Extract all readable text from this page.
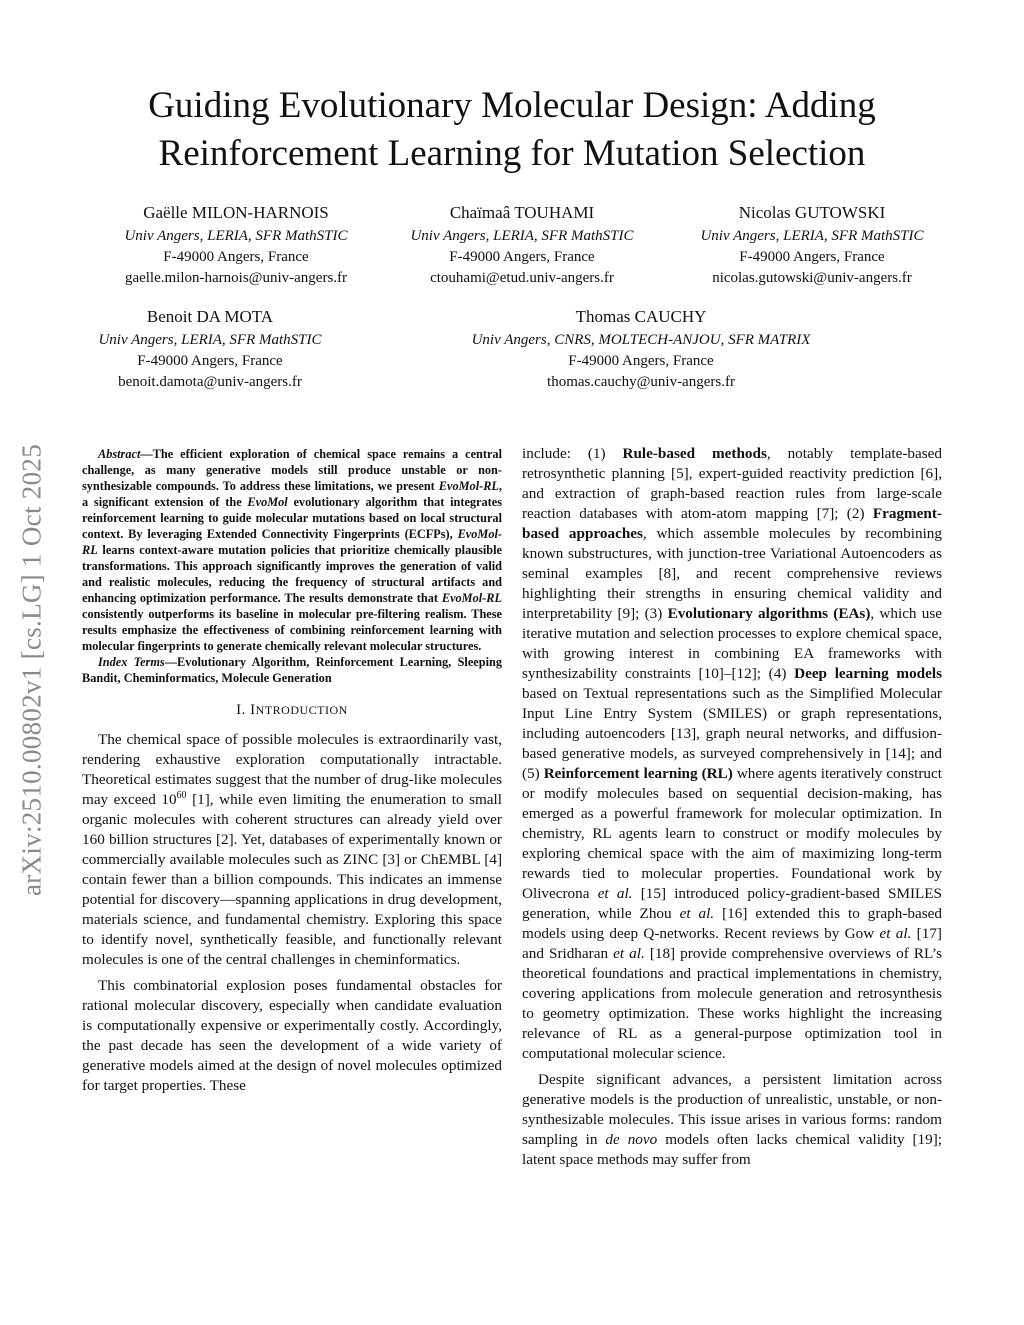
arXiv:2510.00802v1 [cs.LG] 1 Oct 2025
Guiding Evolutionary Molecular Design: Adding
Reinforcement Learning for Mutation Selection
Gaëlle MILON-HARNOIS
Univ Angers, LERIA, SFR MathSTIC
F-49000 Angers, France
gaelle.milon-harnois@univ-angers.fr
Chaïmaâ TOUHAMI
Univ Angers, LERIA, SFR MathSTIC
F-49000 Angers, France
ctouhami@etud.univ-angers.fr
Nicolas GUTOWSKI
Univ Angers, LERIA, SFR MathSTIC
F-49000 Angers, France
nicolas.gutowski@univ-angers.fr
Benoit DA MOTA
Univ Angers, LERIA, SFR MathSTIC
F-49000 Angers, France
benoit.damota@univ-angers.fr
Thomas CAUCHY
Univ Angers, CNRS, MOLTECH-ANJOU, SFR MATRIX
F-49000 Angers, France
thomas.cauchy@univ-angers.fr

Abstract—The efficient exploration of chemical space remains a central challenge, as many generative models still produce unstable or non-synthesizable compounds. To address these limitations, we present EvoMol-RL, a significant extension of the EvoMol evolutionary algorithm that integrates reinforcement learning to guide molecular mutations based on local structural context. By leveraging Extended Connectivity Fingerprints (ECFPs), EvoMol-RL learns context-aware mutation policies that prioritize chemically plausible transformations. This approach significantly improves the generation of valid and realistic molecules, reducing the frequency of structural artifacts and enhancing optimization performance. The results demonstrate that EvoMol-RL consistently outperforms its baseline in molecular pre-filtering realism. These results emphasize the effectiveness of combining reinforcement learning with molecular fingerprints to generate chemically relevant molecular structures.

Index Terms—Evolutionary Algorithm, Reinforcement Learning, Sleeping Bandit, Cheminformatics, Molecule Generation

I. INTRODUCTION

The chemical space of possible molecules is extraordinarily vast, rendering exhaustive exploration computationally intractable. Theoretical estimates suggest that the number of drug-like molecules may exceed $10^{60}$ [1], while even limiting the enumeration to small organic molecules with coherent structures can already yield over 160 billion structures [2]. Yet, databases of experimentally known or commercially available molecules such as ZINC [3] or ChEMBL [4] contain fewer than a billion compounds. This indicates an immense potential for discovery—spanning applications in drug development, materials science, and fundamental chemistry. Exploring this space to identify novel, synthetically feasible, and functionally relevant molecules is one of the central challenges in cheminformatics.

This combinatorial explosion poses fundamental obstacles for rational molecular discovery, especially when candidate evaluation is computationally expensive or experimentally costly. Accordingly, the past decade has seen the development of a wide variety of generative models aimed at the design of novel molecules optimized for target properties. These

include: (1) Rule-based methods, notably template-based retrosynthetic planning [5], expert-guided reactivity prediction [6], and extraction of graph-based reaction rules from large-scale reaction databases with atom-atom mapping [7]; (2) Fragment-based approaches, which assemble molecules by recombining known substructures, with junction-tree Variational Autoencoders as seminal examples [8], and recent comprehensive reviews highlighting their strengths in ensuring chemical validity and interpretability [9]; (3) Evolutionary algorithms (EAs), which use iterative mutation and selection processes to explore chemical space, with growing interest in combining EA frameworks with synthesizability constraints [10]–[12]; (4) Deep learning models based on Textual representations such as the Simplified Molecular Input Line Entry System (SMILES) or graph representations, including autoencoders [13], graph neural networks, and diffusion-based generative models, as surveyed comprehensively in [14]; and (5) Reinforcement learning (RL) where agents iteratively construct or modify molecules based on sequential decision-making, has emerged as a powerful framework for molecular optimization. In chemistry, RL agents learn to construct or modify molecules by exploring chemical space with the aim of maximizing long-term rewards tied to molecular properties. Foundational work by Olivecrona et al. [15] introduced policy-gradient-based SMILES generation, while Zhou et al. [16] extended this to graph-based models using deep Q-networks. Recent reviews by Gow et al. [17] and Sridharan et al. [18] provide comprehensive overviews of RL’s theoretical foundations and practical implementations in chemistry, covering applications from molecule generation and retrosynthesis to geometry optimization. These works highlight the increasing relevance of RL as a general-purpose optimization tool in computational molecular science.

Despite significant advances, a persistent limitation across generative models is the production of unrealistic, unstable, or non-synthesizable molecules. This issue arises in various forms: random sampling in de novo models often lacks chemical validity [19]; latent space methods may suffer from
